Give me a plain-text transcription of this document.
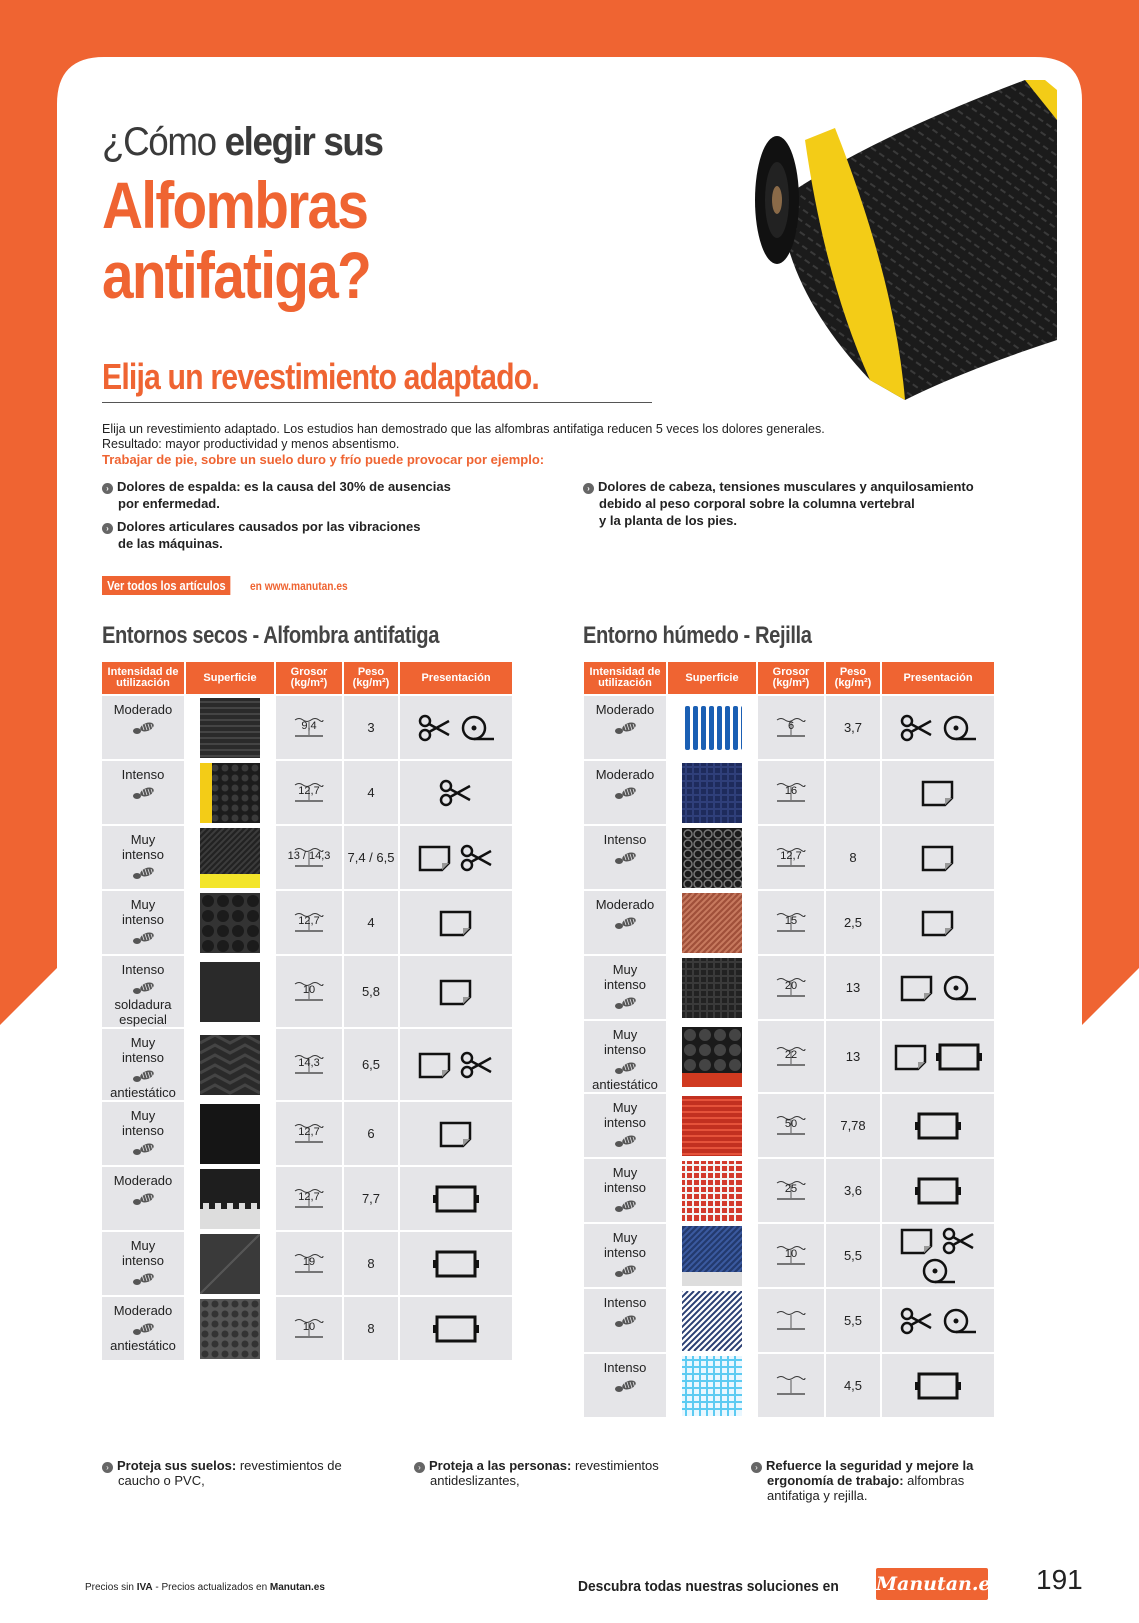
¿Cómo elegir sus
Alfombras
antifatiga?
Elija un revestimiento adaptado.
Elija un revestimiento adaptado. Los estudios han demostrado que las alfombras antifatiga reducen 5 veces los dolores generales.
Resultado: mayor productividad y menos absentismo.
Trabajar de pie, sobre un suelo duro y frío puede provocar por ejemplo:
› Dolores de espalda: es la causa del 30% de ausencias
por enfermedad.
› Dolores articulares causados por las vibraciones
de las máquinas.
› Dolores de cabeza, tensiones musculares y anquilosamiento
debido al peso corporal sobre la columna vertebral
y la planta de los pies.
Ver todos los artículos	en www.manutan.es
Entornos secos - Alfombra antifatiga	Entorno húmedo - Rejilla
Intensidad de utilización	Superficie	Grosor (kg/m²)	Peso (kg/m²)	Presentación

Moderado		9,4	3	

Intenso		12,7	4	

Muy intenso		13 / 14,3	7,4 / 6,5	

Muy intenso		12,7	4	

Intenso
soldadura especial		10	5,8	

Muy intenso
antiestático		14,3	6,5	

Muy intenso		12,7	6	

Moderado		12,7	7,7	

Muy intenso		19	8	

Moderado
antiestático		10	8	
Intensidad de utilización	Superficie	Grosor (kg/m²)	Peso (kg/m²)	Presentación

Moderado		6	3,7	

Moderado		16

Intenso		12,7	8	

Moderado		15	2,5	

Muy intenso		20	13	

Muy intenso
antiestático		22	13	

Muy intenso		50	7,78	

Muy intenso		25	3,6	

Muy intenso		10	5,5	

Intenso			5,5	

Intenso			4,5	
› Proteja sus suelos: revestimientos de
caucho o PVC,
› Proteja a las personas: revestimientos
antideslizantes,
› Refuerce la seguridad y mejore la
ergonomía de trabajo: alfombras
antifatiga y rejilla.
Precios sin IVA - Precios actualizados en Manutan.es	Descubra todas nuestras soluciones en Manutan.es 191
